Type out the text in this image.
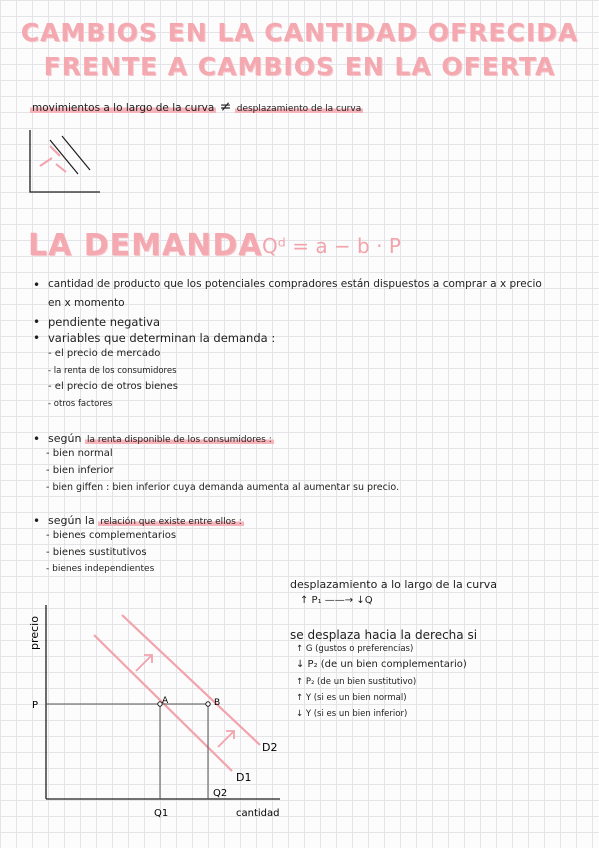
CAMBIOS EN LA CANTIDAD OFRECIDA
FRENTE A CAMBIOS EN LA OFERTA
movimientos a lo largo de la curva ≠ desplazamiento de la curva
LA DEMANDA Qᵈ = a − b · P
• cantidad de producto que los potenciales compradores están dispuestos a comprar a x precio
en x momento
• pendiente negativa
• variables que determinan la demanda :
- el precio de mercado
- la renta de los consumidores
- el precio de otros bienes
- otros factores
• según la renta disponible de los consumidores :
- bien normal
- bien inferior
- bien giffen : bien inferior cuya demanda aumenta al aumentar su precio.
• según la relación que existe entre ellos :
- bienes complementarios
- bienes sustitutivos
- bienes independientes
desplazamiento a lo largo de la curva
↑ P₁ ——→ ↓Q
se desplaza hacia la derecha si
↑ G (gustos o preferencias)
↓ P₂ (de un bien complementario)
↑ P₂ (de un bien sustitutivo)
↑ Y (si es un bien normal)
↓ Y (si es un bien inferior)
precio
cantidad
P	A	B
Q1
Q2
D1
D2
